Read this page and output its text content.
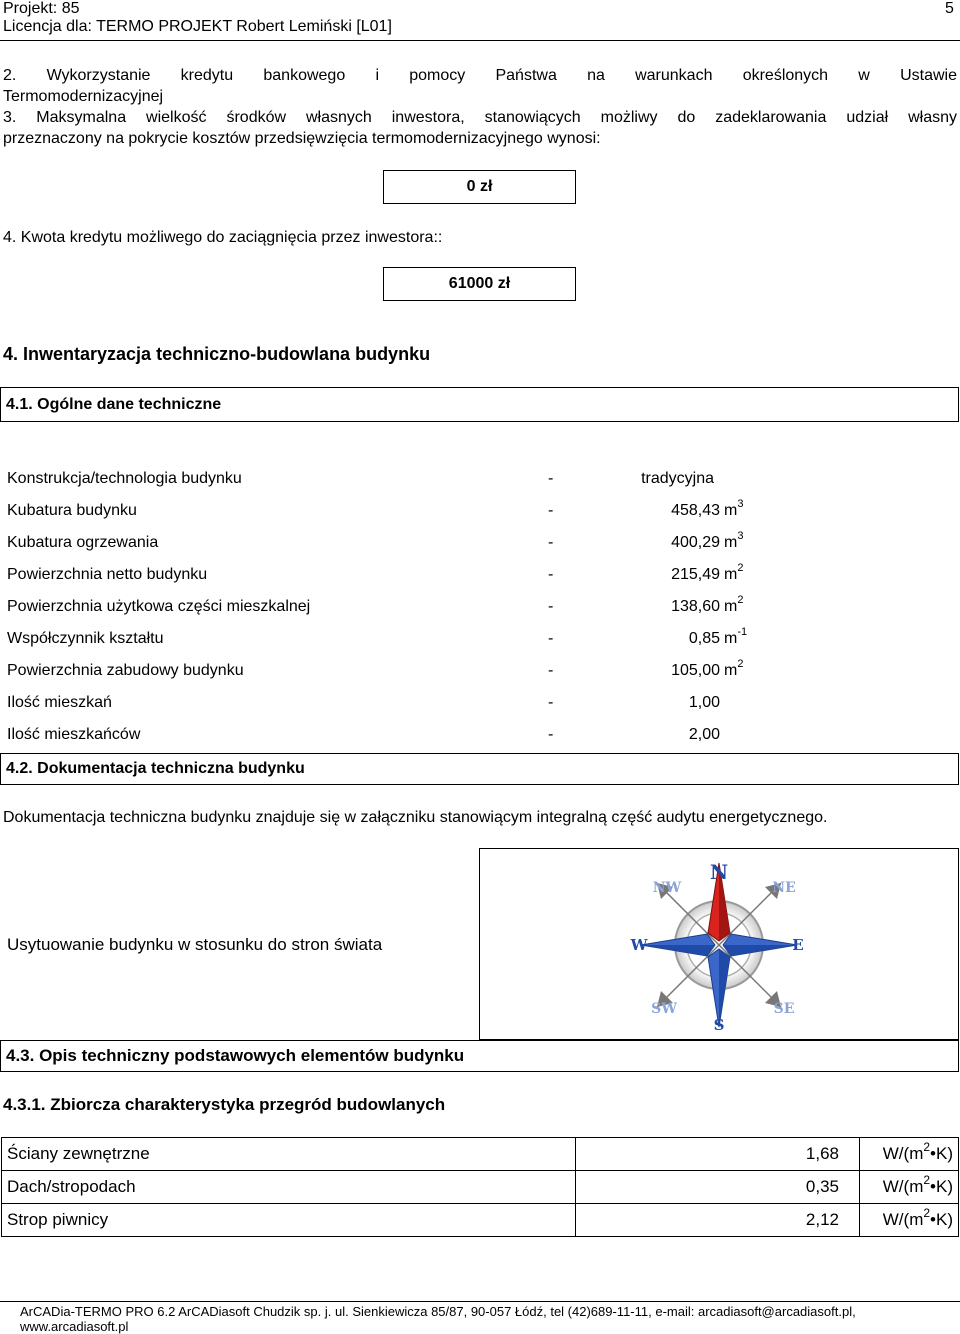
Projekt: 85	5
Licencja dla: TERMO PROJEKT Robert Lemiński [L01]
2. Wykorzystanie kredytu bankowego i pomocy Państwa na warunkach określonych w Ustawie
Termomodernizacyjnej
3. Maksymalna wielkość środków własnych inwestora, stanowiących możliwy do zadeklarowania udział własny
przeznaczony na pokrycie kosztów przedsięwzięcia termomodernizacyjnego wynosi:
0 zł
4. Kwota kredytu możliwego do zaciągnięcia przez inwestora::
61000 zł
4. Inwentaryzacja techniczno-budowlana budynku
4.1. Ogólne dane techniczne
Konstrukcja/technologia budynku	-	tradycyjna
Kubatura budynku	-	458,43 $m^3$
Kubatura ogrzewania	-	400,29 $m^3$
Powierzchnia netto budynku	-	215,49 $m^2$
Powierzchnia użytkowa części mieszkalnej	-	138,60 $m^2$
Współczynnik kształtu	-	0,85 $m^{-1}$
Powierzchnia zabudowy budynku	-	105,00 $m^2$
Ilość mieszkań	-	1,00
Ilość mieszkańców	-	2,00
4.2. Dokumentacja techniczna budynku
Dokumentacja techniczna budynku znajduje się w załączniku stanowiącym integralną część audytu energetycznego.
N
NW	NE
W	E
SW	SE
S
Usytuowanie budynku w stosunku do stron świata
4.3. Opis techniczny podstawowych elementów budynku
4.3.1. Zbiorcza charakterystyka przegród budowlanych
Ściany zewnętrzne	1,68	$W/(m^2•K)$
Dach/stropodach	0,35	$W/(m^2•K)$
Strop piwnicy	2,12	$W/(m^2•K)$
ArCADia-TERMO PRO 6.2 ArCADiasoft Chudzik sp. j. ul. Sienkiewicza 85/87, 90-057 Łódź, tel (42)689-11-11, e-mail: arcadiasoft@arcadiasoft.pl, www.arcadiasoft.pl
